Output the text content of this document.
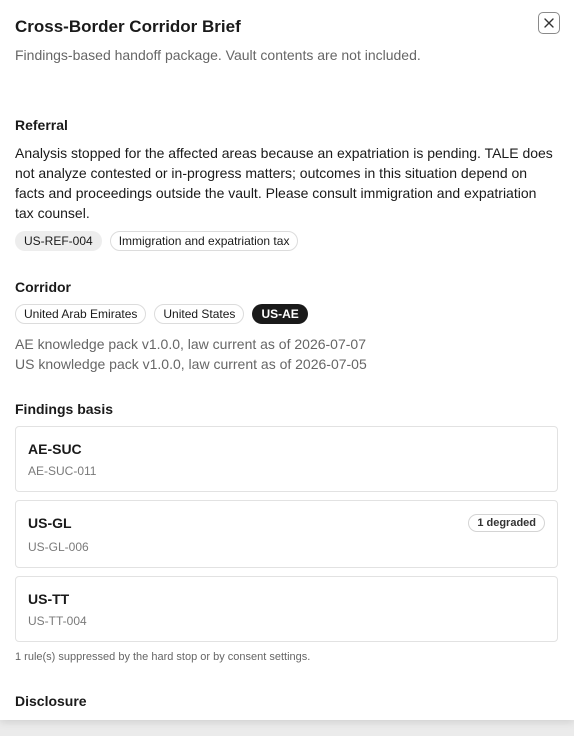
Cross-Border Corridor Brief
Findings-based handoff package. Vault contents are not included.
Referral
Analysis stopped for the affected areas because an expatriation is pending. TALE does not analyze contested or in-progress matters; outcomes in this situation depend on facts and proceedings outside the vault. Please consult immigration and expatriation tax counsel.
US-REF-004	Immigration and expatriation tax
Corridor
United Arab Emirates	United States	US-AE
AE knowledge pack v1.0.0, law current as of 2026-07-07
US knowledge pack v1.0.0, law current as of 2026-07-05
Findings basis
AE-SUC
AE-SUC-011
US-GL	1 degraded
US-GL-006
US-TT
US-TT-004
1 rule(s) suppressed by the hard stop or by consent settings.
Disclosure
